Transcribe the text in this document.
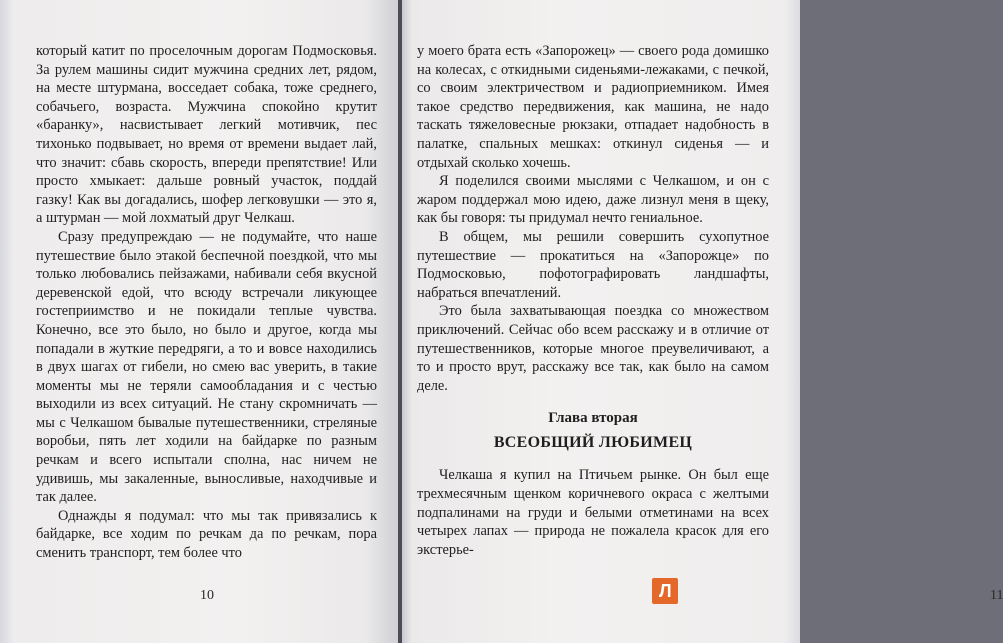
который катит по проселочным дорогам Подмосковья. За рулем машины сидит мужчина средних лет, рядом, на месте штурмана, восседает собака, тоже среднего, собачьего, возраста. Мужчина спокойно крутит «баранку», насвистывает легкий мотивчик, пес тихонько подвывает, но время от времени выдает лай, что значит: сбавь скорость, впереди препятствие! Или просто хмыкает: дальше ровный участок, поддай газку! Как вы догадались, шофер легковушки — это я, а штурман — мой лохматый друг Челкаш.

Сразу предупреждаю — не подумайте, что наше путешествие было этакой беспечной поездкой, что мы только любовались пейзажами, набивали себя вкусной деревенской едой, что всюду встречали ликующее гостеприимство и не покидали теплые чувства. Конечно, все это было, но было и другое, когда мы попадали в жуткие передряги, а то и вовсе находились в двух шагах от гибели, но смею вас уверить, в такие моменты мы не теряли самообладания и с честью выходили из всех ситуаций. Не стану скромничать — мы с Челкашом бывалые путешественники, стреляные воробьи, пять лет ходили на байдарке по разным речкам и всего испытали сполна, нас ничем не удивишь, мы закаленные, выносливые, находчивые и так далее.

Однажды я подумал: что мы так привязались к байдарке, все ходим по речкам да по речкам, пора сменить транспорт, тем более что

10	11

у моего брата есть «Запорожец» — своего рода домишко на колесах, с откидными сиденьями-лежаками, с печкой, со своим электричеством и радиоприемником. Имея такое средство передвижения, как машина, не надо таскать тяжеловесные рюкзаки, отпадает надобность в палатке, спальных мешках: откинул сиденья — и отдыхай сколько хочешь.

Я поделился своими мыслями с Челкашом, и он с жаром поддержал мою идею, даже лизнул меня в щеку, как бы говоря: ты придумал нечто гениальное.

В общем, мы решили совершить сухопутное путешествие — прокатиться на «Запорожце» по Подмосковью, пофотографировать ландшафты, набраться впечатлений.

Это была захватывающая поездка со множеством приключений. Сейчас обо всем расскажу и в отличие от путешественников, которые многое преувеличивают, а то и просто врут, расскажу все так, как было на самом деле.

Глава вторая
ВСЕОБЩИЙ ЛЮБИМЕЦ

Челкаша я купил на Птичьем рынке. Он был еще трехмесячным щенком коричневого окраса с желтыми подпалинами на груди и белыми отметинами на всех четырех лапах — природа не пожалела красок для его экстерье-

Л
